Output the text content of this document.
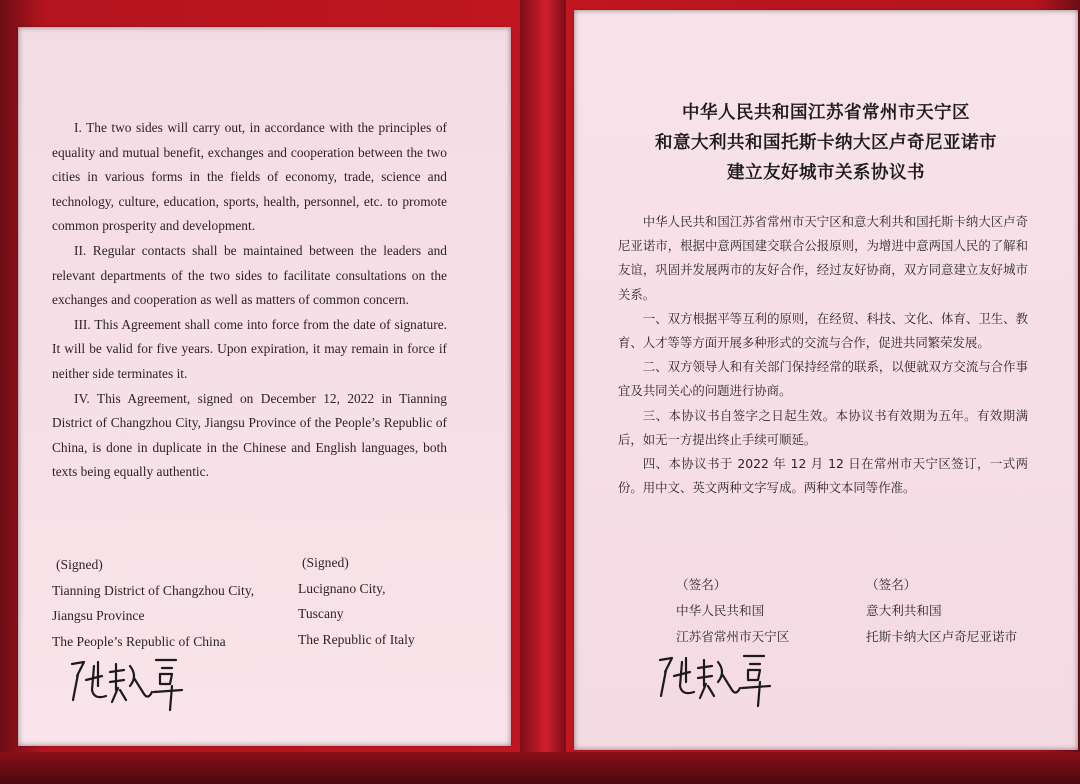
I. The two sides will carry out, in accordance with the principles of equality and mutual benefit, exchanges and cooperation between the two cities in various forms in the fields of economy, trade, science and technology, culture, education, sports, health, personnel, etc. to promote common prosperity and development.

II. Regular contacts shall be maintained between the leaders and relevant departments of the two sides to facilitate consultations on the exchanges and cooperation as well as matters of common concern.

III. This Agreement shall come into force from the date of signature. It will be valid for five years. Upon expiration, it may remain in force if neither side terminates it.

IV. This Agreement, signed on December 12, 2022 in Tianning District of Changzhou City, Jiangsu Province of the People’s Republic of China, is done in duplicate in the Chinese and English languages, both texts being equally authentic.

(Signed)
Tianning District of Changzhou City,
Jiangsu Province
The People’s Republic of China
(Signed)
Lucignano City,
Tuscany
The Republic of Italy
中华人民共和国江苏省常州市天宁区
和意大利共和国托斯卡纳大区卢奇尼亚诺市
建立友好城市关系协议书

中华人民共和国江苏省常州市天宁区和意大利共和国托斯卡纳大区卢奇尼亚诺市，根据中意两国建交联合公报原则，为增进中意两国人民的了解和友谊，巩固并发展两市的友好合作，经过友好协商，双方同意建立友好城市关系。

一、双方根据平等互利的原则，在经贸、科技、文化、体育、卫生、教育、人才等等方面开展多种形式的交流与合作，促进共同繁荣发展。

二、双方领导人和有关部门保持经常的联系，以便就双方交流与合作事宜及共同关心的问题进行协商。

三、本协议书自签字之日起生效。本协议书有效期为五年。有效期满后，如无一方提出终止手续可顺延。

四、本协议书于 2022 年 12 月 12 日在常州市天宁区签订，一式两份。用中文、英文两种文字写成。两种文本同等作准。

（签名）
中华人民共和国
江苏省常州市天宁区
（签名）
意大利共和国
托斯卡纳大区卢奇尼亚诺市
